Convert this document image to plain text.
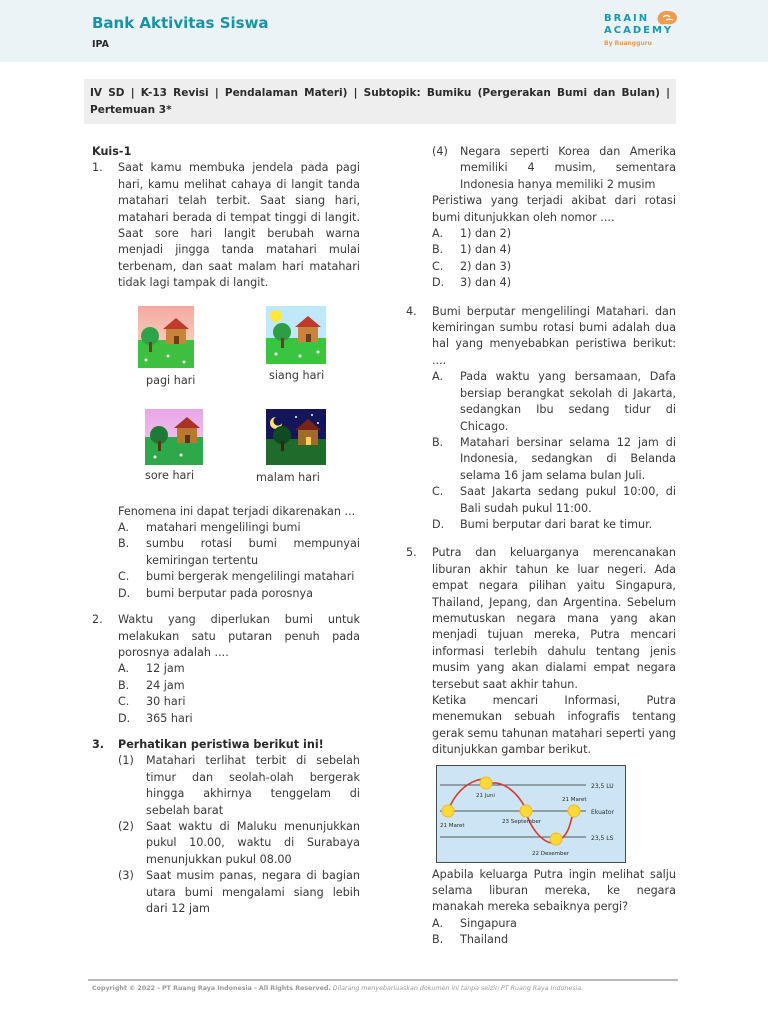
Bank Aktivitas Siswa
IPA
BRAIN
ACADEMY
By Ruangguru
IV SD | K-13 Revisi | Pendalaman Materi) | Subtopik: Bumiku (Pergerakan Bumi dan Bulan) | Pertemuan 3*
Kuis-1
1.	Saat kamu membuka jendela pada pagi hari, kamu melihat cahaya di langit tanda matahari telah terbit. Saat siang hari, matahari berada di tempat tinggi di langit. Saat sore hari langit berubah warna menjadi jingga tanda matahari mulai terbenam, dan saat malam hari matahari tidak lagi tampak di langit.
Fenomena ini dapat terjadi dikarenakan ...
A.	matahari mengelilingi bumi
B.	sumbu rotasi bumi mempunyai kemiringan tertentu
C.	bumi bergerak mengelilingi matahari
D.	bumi berputar pada porosnya
2.	Waktu yang diperlukan bumi untuk melakukan satu putaran penuh pada porosnya adalah ....
A.	12 jam
B.	24 jam
C.	30 hari
D.	365 hari
3.	Perhatikan peristiwa berikut ini!
(1)	Matahari terlihat terbit di sebelah timur dan seolah-olah bergerak hingga akhirnya tenggelam di sebelah barat
(2)	Saat waktu di Maluku menunjukkan pukul 10.00, waktu di Surabaya menunjukkan pukul 08.00
(3)	Saat musim panas, negara di bagian utara bumi mengalami siang lebih dari 12 jam
pagi hari	siang hari
sore hari	malam hari
(4)	Negara seperti Korea dan Amerika memiliki 4 musim, sementara Indonesia hanya memiliki 2 musim
Peristiwa yang terjadi akibat dari rotasi bumi ditunjukkan oleh nomor ....
A.	1) dan 2)
B.	1) dan 4)
C.	2) dan 3)
D.	3) dan 4)
4.	Bumi berputar mengelilingi Matahari. dan kemiringan sumbu rotasi bumi adalah dua hal yang menyebabkan peristiwa berikut: ....
A.	Pada waktu yang bersamaan, Dafa bersiap berangkat sekolah di Jakarta, sedangkan Ibu sedang tidur di Chicago.
B.	Matahari bersinar selama 12 jam di Indonesia, sedangkan di Belanda selama 16 jam selama bulan Juli.
C.	Saat Jakarta sedang pukul 10:00, di Bali sudah pukul 11:00.
D.	Bumi berputar dari barat ke timur.
5.	Putra dan keluarganya merencanakan liburan akhir tahun ke luar negeri. Ada empat negara pilihan yaitu Singapura, Thailand, Jepang, dan Argentina. Sebelum memutuskan negara mana yang akan menjadi tujuan mereka, Putra mencari informasi terlebih dahulu tentang jenis musim yang akan dialami empat negara tersebut saat akhir tahun.
Ketika mencari Informasi, Putra menemukan sebuah infografis tentang gerak semu tahunan matahari seperti yang ditunjukkan gambar berikut.
23,5 LU
Ekuator
23,5 LS
21 Juni
21 Maret
23 September
21 Maret
22 Desember
Apabila keluarga Putra ingin melihat salju selama liburan mereka, ke negara manakah mereka sebaiknya pergi?
A.	Singapura
B.	Thailand
Copyright © 2022 - PT Ruang Raya Indonesia - All Rights Reserved. Dilarang menyebarluaskan dokumen ini tanpa seizin PT Ruang Raya Indonesia.
